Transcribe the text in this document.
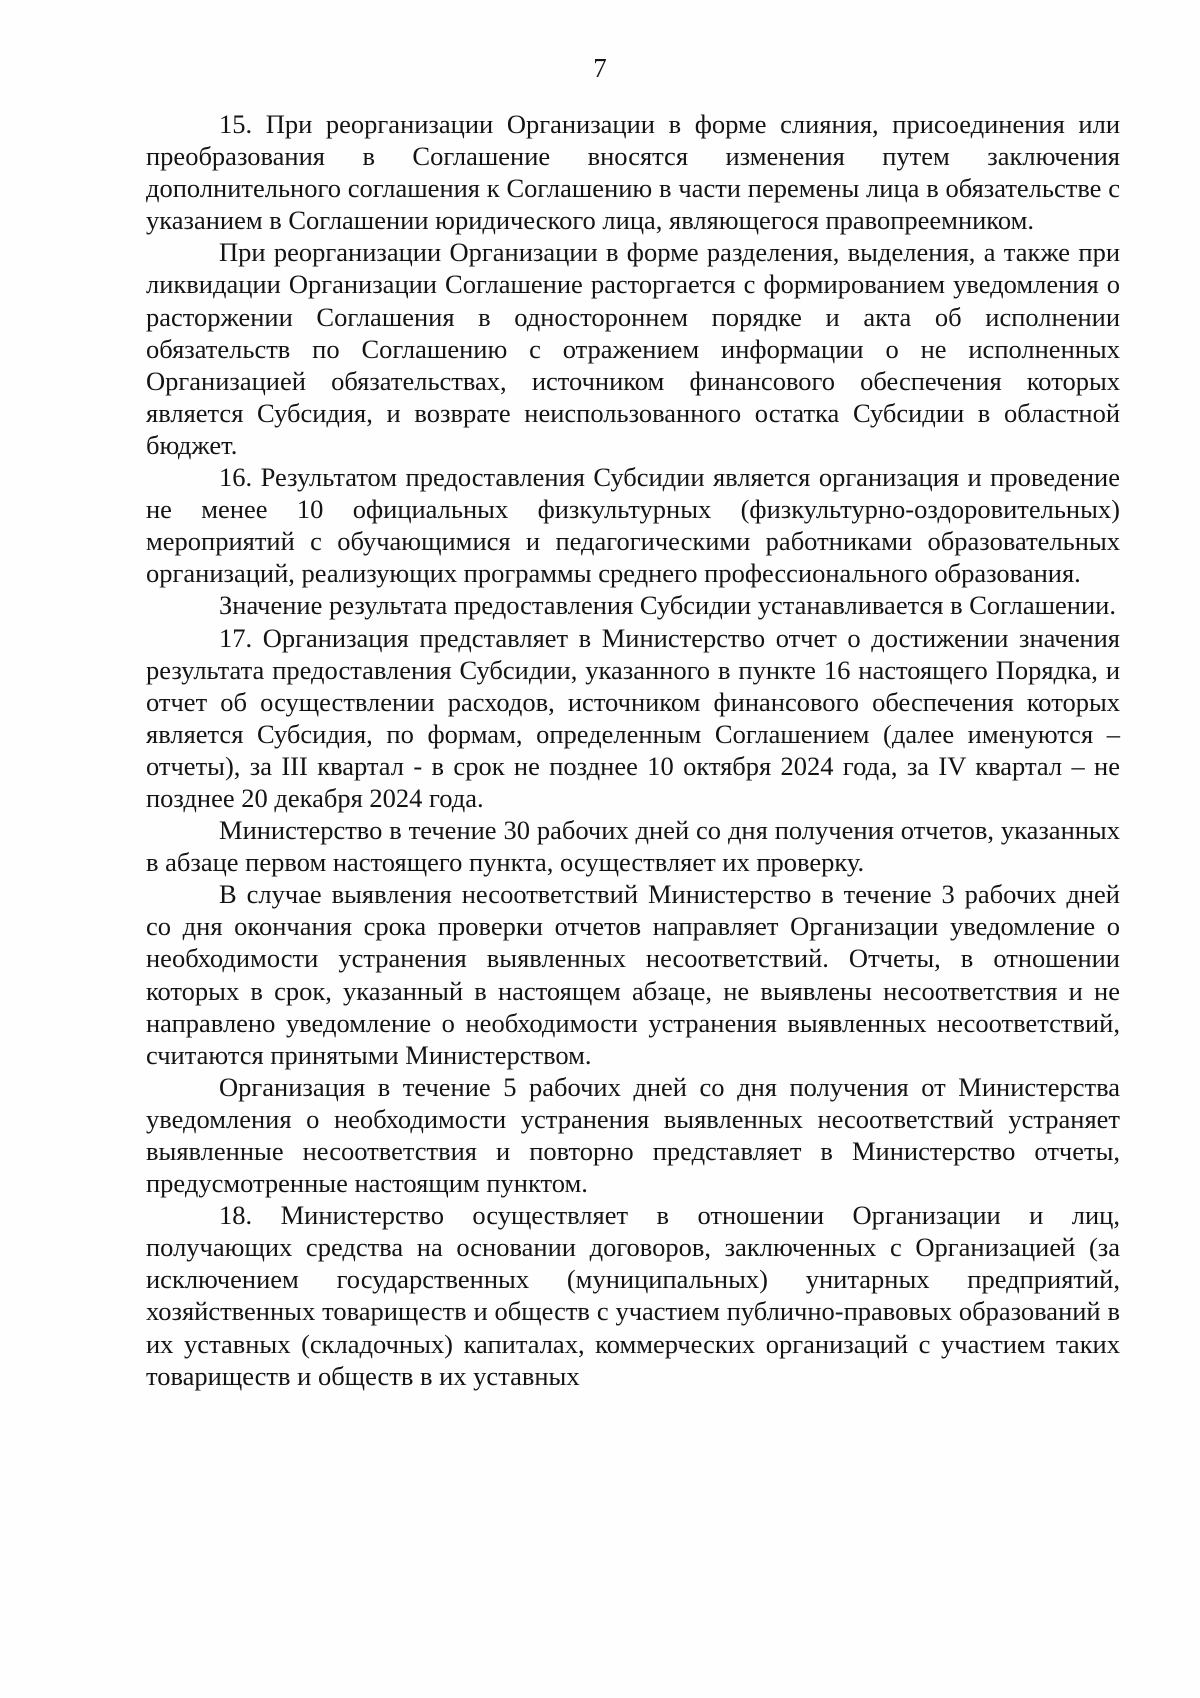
7

15. При реорганизации Организации в форме слияния, присоединения или преобразования в Соглашение вносятся изменения путем заключения дополнительного соглашения к Соглашению в части перемены лица в обязательстве с указанием в Соглашении юридического лица, являющегося правопреемником.

При реорганизации Организации в форме разделения, выделения, а также при ликвидации Организации Соглашение расторгается с формированием уведомления о расторжении Соглашения в одностороннем порядке и акта об исполнении обязательств по Соглашению с отражением информации о не исполненных Организацией обязательствах, источником финансового обеспечения которых является Субсидия, и возврате неиспользованного остатка Субсидии в областной бюджет.

16. Результатом предоставления Субсидии является организация и проведение не менее 10 официальных физкультурных (физкультурно-оздоровительных) мероприятий с обучающимися и педагогическими работниками образовательных организаций, реализующих программы среднего профессионального образования.

Значение результата предоставления Субсидии устанавливается в Соглашении.

17. Организация представляет в Министерство отчет о достижении значения результата предоставления Субсидии, указанного в пункте 16 настоящего Порядка, и отчет об осуществлении расходов, источником финансового обеспечения которых является Субсидия, по формам, определенным Соглашением (далее именуются – отчеты), за III квартал - в срок не позднее 10 октября 2024 года, за IV квартал – не позднее 20 декабря 2024 года.

Министерство в течение 30 рабочих дней со дня получения отчетов, указанных в абзаце первом настоящего пункта, осуществляет их проверку.

В случае выявления несоответствий Министерство в течение 3 рабочих дней со дня окончания срока проверки отчетов направляет Организации уведомление о необходимости устранения выявленных несоответствий. Отчеты, в отношении которых в срок, указанный в настоящем абзаце, не выявлены несоответствия и не направлено уведомление о необходимости устранения выявленных несоответствий, считаются принятыми Министерством.

Организация в течение 5 рабочих дней со дня получения от Министерства уведомления о необходимости устранения выявленных несоответствий устраняет выявленные несоответствия и повторно представляет в Министерство отчеты, предусмотренные настоящим пунктом.

18. Министерство осуществляет в отношении Организации и лиц, получающих средства на основании договоров, заключенных с Организацией (за исключением государственных (муниципальных) унитарных предприятий, хозяйственных товариществ и обществ с участием публично-правовых образований в их уставных (складочных) капиталах, коммерческих организаций с участием таких товариществ и обществ в их уставных
